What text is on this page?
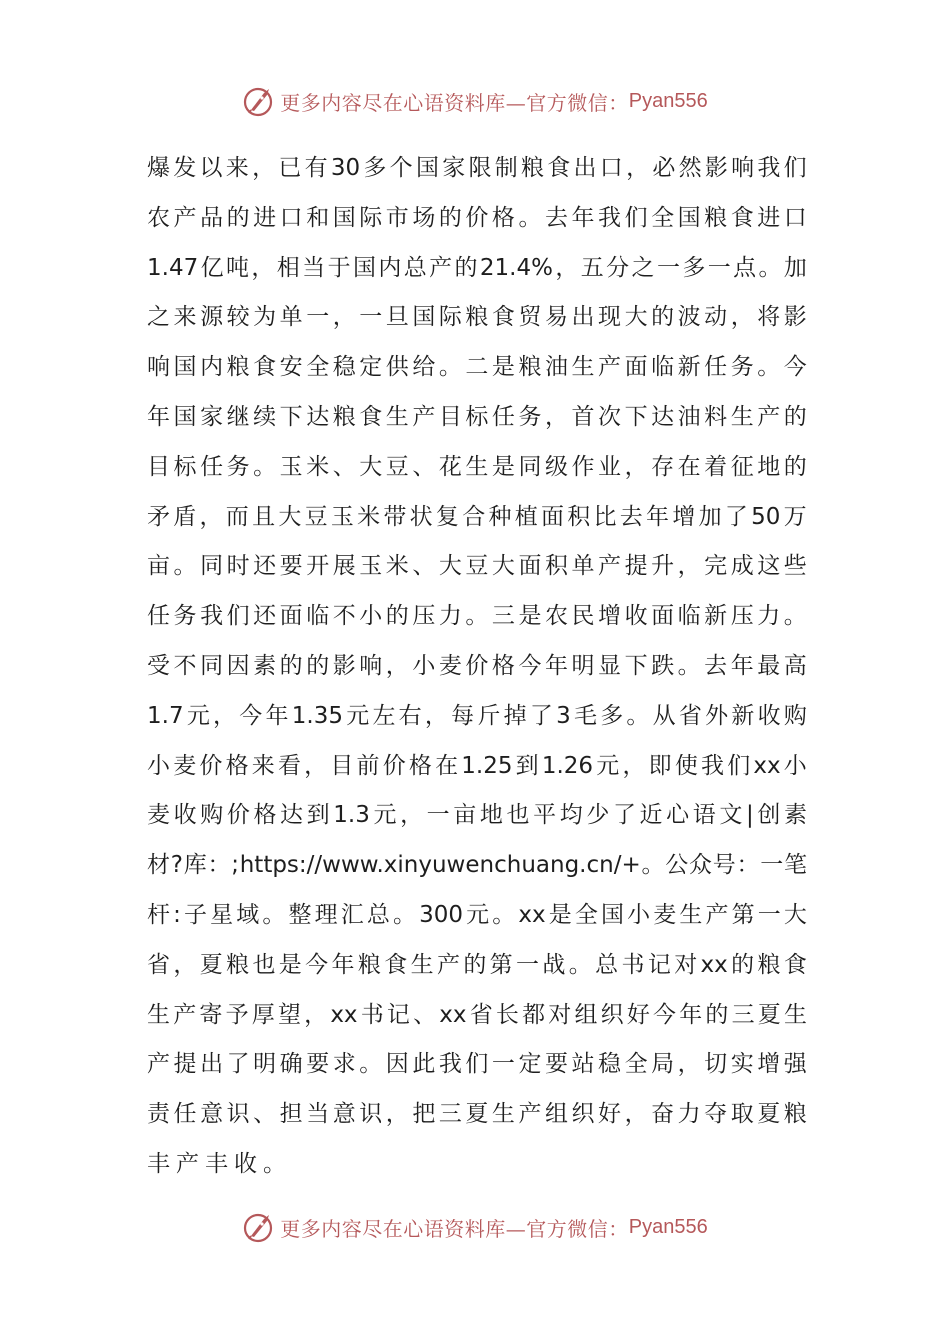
更多内容尽在心语资料库—官方微信： Pyan556
爆 发 以 来 ， 已 有 30 多 个 国 家 限 制 粮 食 出 口 ， 必 然 影 响 我 们
农 产 品 的 进 口 和 国 际 市 场 的 价 格 。 去 年 我 们 全 国 粮 食 进 口
1.47 亿 吨 ， 相 当 于 国 内 总 产 的 21.4% ， 五 分 之 一 多 一 点 。 加
之 来 源 较 为 单 一 ， 一 旦 国 际 粮 食 贸 易 出 现 大 的 波 动 ， 将 影
响 国 内 粮 食 安 全 稳 定 供 给 。 二 是 粮 油 生 产 面 临 新 任 务 。 今
年 国 家 继 续 下 达 粮 食 生 产 目 标 任 务 ， 首 次 下 达 油 料 生 产 的
目 标 任 务 。 玉 米 、 大 豆 、 花 生 是 同 级 作 业 ， 存 在 着 征 地 的
矛 盾 ， 而 且 大 豆 玉 米 带 状 复 合 种 植 面 积 比 去 年 增 加 了 50 万
亩 。 同 时 还 要 开 展 玉 米 、 大 豆 大 面 积 单 产 提 升 ， 完 成 这 些
任 务 我 们 还 面 临 不 小 的 压 力 。 三 是 农 民 增 收 面 临 新 压 力 。
受 不 同 因 素 的 的 影 响 ， 小 麦 价 格 今 年 明 显 下 跌 。 去 年 最 高
1.7 元 ， 今 年 1.35 元 左 右 ， 每 斤 掉 了 3 毛 多 。 从 省 外 新 收 购
小 麦 价 格 来 看 ， 目 前 价 格 在 1.25 到 1.26 元 ， 即 使 我 们 xx 小
麦 收 购 价 格 达 到 1.3 元 ， 一 亩 地 也 平 均 少 了 近 心 语 文 | 创 素
材 ? 库 ： ; https://www.xinyuwenchuang.cn/+ 。 公 众 号 ： 一 笔
杆 : 子 星 域 。 整 理 汇 总 。 300 元 。 xx 是 全 国 小 麦 生 产 第 一 大
省 ， 夏 粮 也 是 今 年 粮 食 生 产 的 第 一 战 。 总 书 记 对 xx 的 粮 食
生 产 寄 予 厚 望 ， xx 书 记 、 xx 省 长 都 对 组 织 好 今 年 的 三 夏 生
产 提 出 了 明 确 要 求 。 因 此 我 们 一 定 要 站 稳 全 局 ， 切 实 增 强
责 任 意 识 、 担 当 意 识 ， 把 三 夏 生 产 组 织 好 ， 奋 力 夺 取 夏 粮
丰 产 丰 收 。
更多内容尽在心语资料库—官方微信： Pyan556
